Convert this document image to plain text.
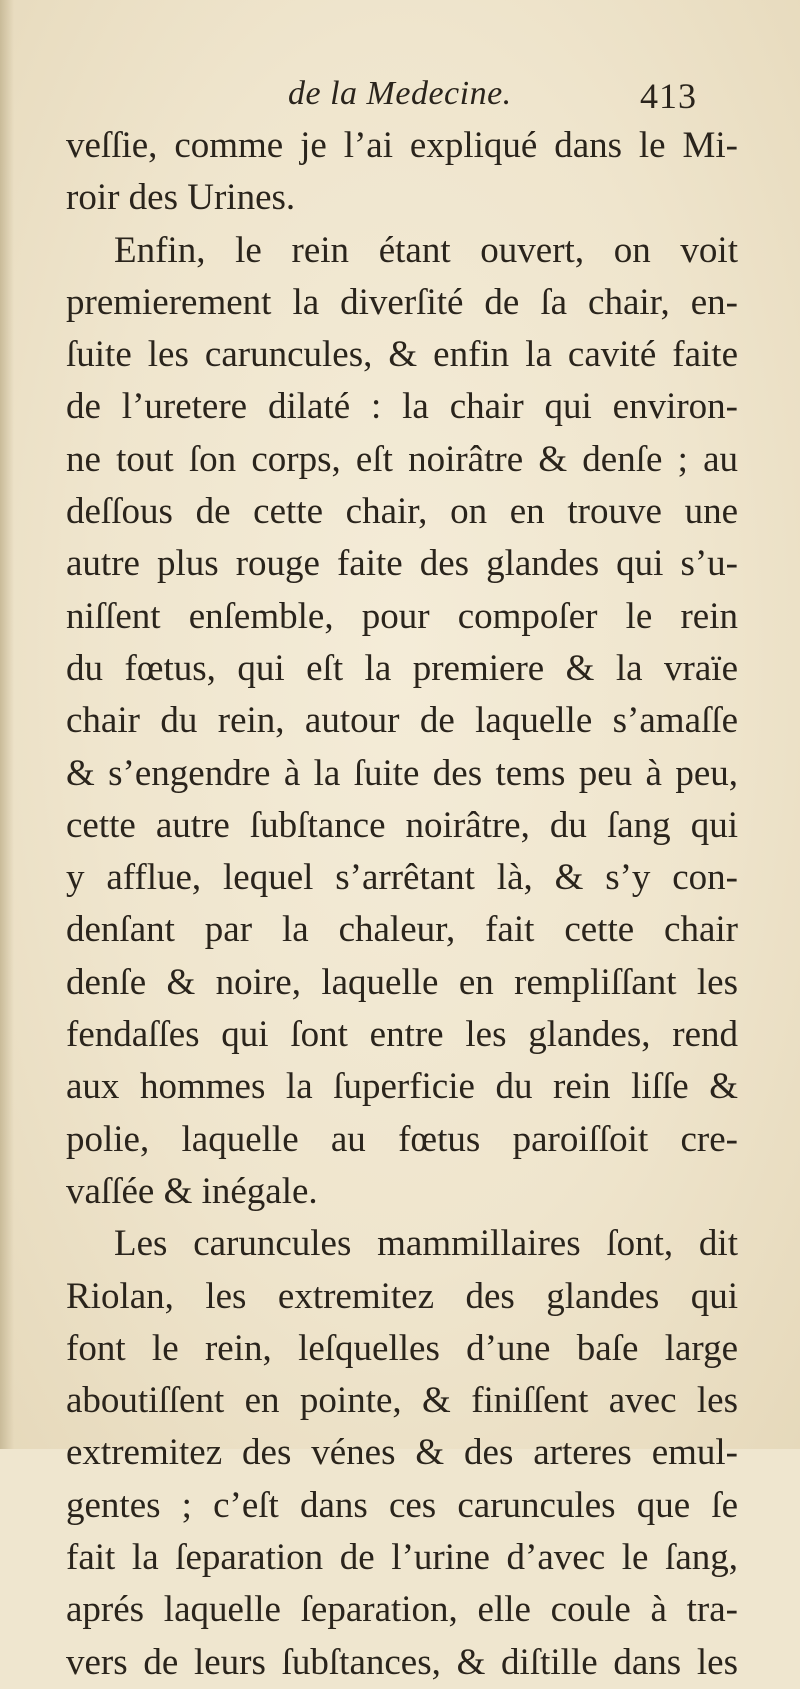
de la Medecine.	413
veſſie, comme je l’ai expliqué dans le Mi-
roir des Urines.
Enfin, le rein étant ouvert, on voit
premierement la diverſité de ſa chair, en-
ſuite les caruncules, & enfin la cavité faite
de l’uretere dilaté : la chair qui environ-
ne tout ſon corps, eſt noirâtre & denſe ; au
deſſous de cette chair, on en trouve une
autre plus rouge faite des glandes qui s’u-
niſſent enſemble, pour compoſer le rein
du fœtus, qui eſt la premiere & la vraïe
chair du rein, autour de laquelle s’amaſſe
& s’engendre à la ſuite des tems peu à peu,
cette autre ſubſtance noirâtre, du ſang qui
y afflue, lequel s’arrêtant là, & s’y con-
denſant par la chaleur, fait cette chair
denſe & noire, laquelle en rempliſſant les
fendaſſes qui ſont entre les glandes, rend
aux hommes la ſuperficie du rein liſſe &
polie, laquelle au fœtus paroiſſoit cre-
vaſſée & inégale.
Les caruncules mammillaires ſont, dit
Riolan, les extremitez des glandes qui
font le rein, leſquelles d’une baſe large
aboutiſſent en pointe, & finiſſent avec les
extremitez des vénes & des arteres emul-
gentes ; c’eſt dans ces caruncules que ſe
fait la ſeparation de l’urine d’avec le ſang,
aprés laquelle ſeparation, elle coule à tra-
vers de leurs ſubſtances, & diſtille dans les
